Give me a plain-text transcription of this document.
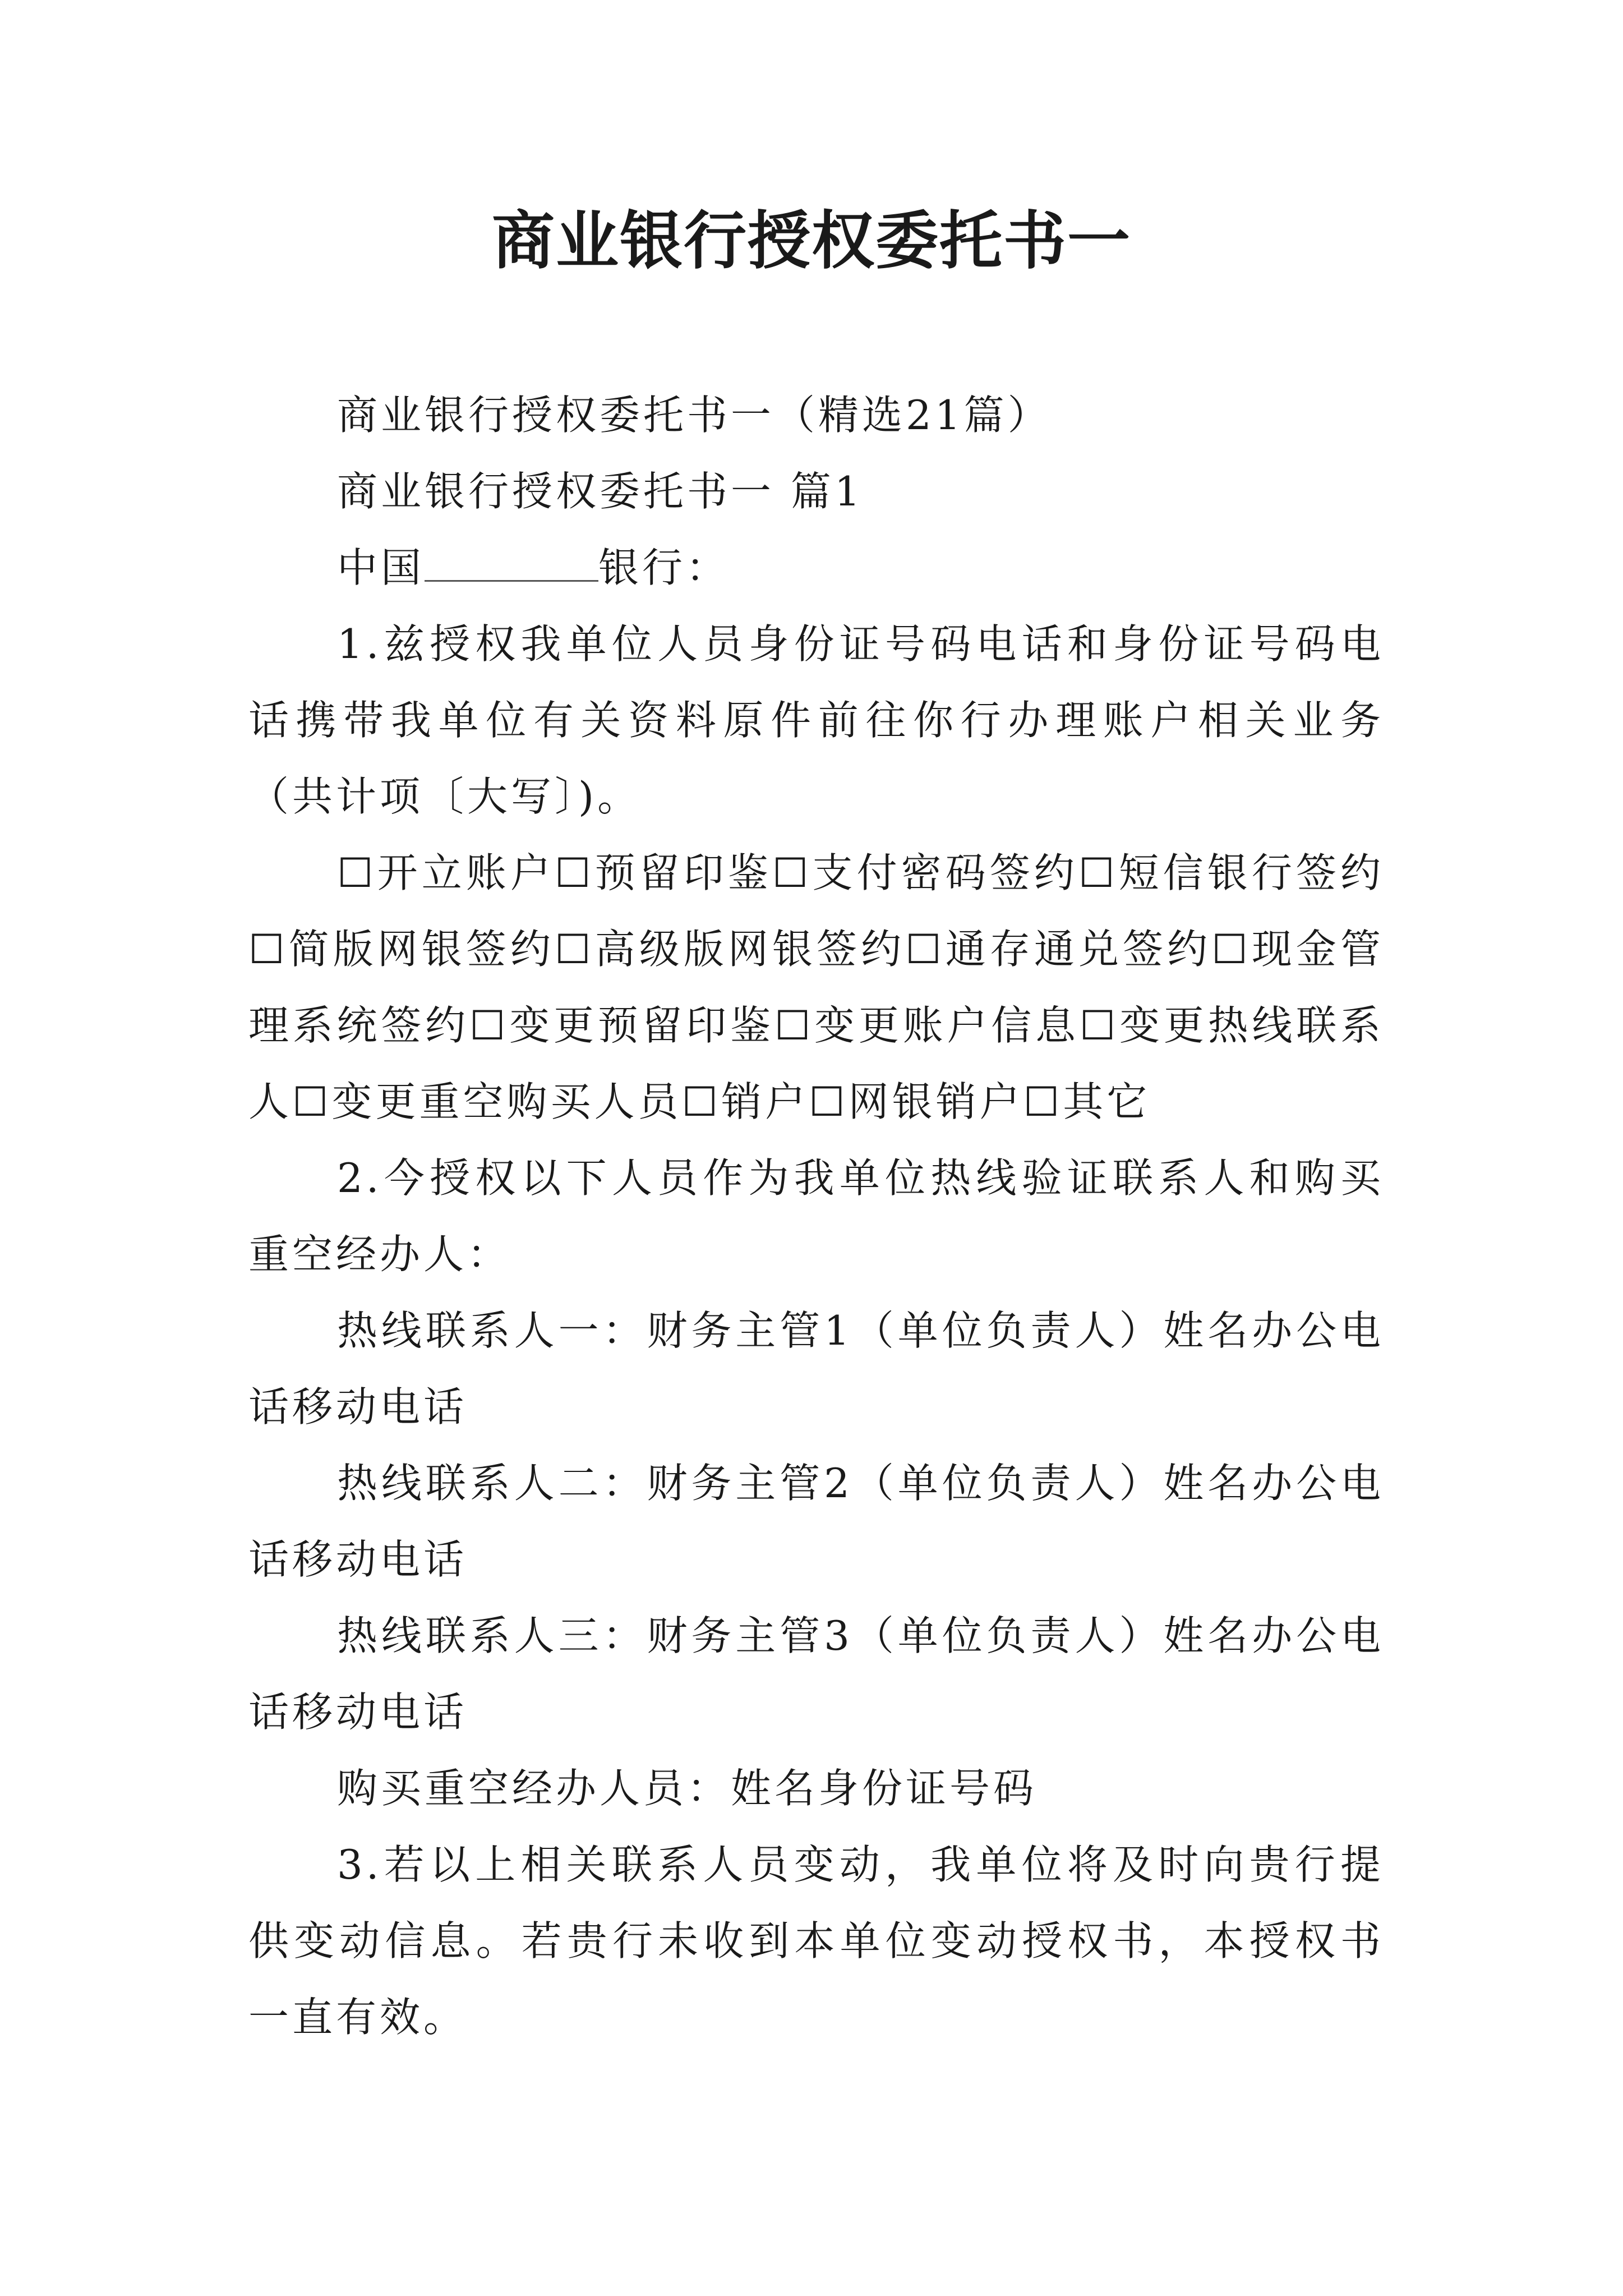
商业银行授权委托书一

商业银行授权委托书一（精选21篇）

商业银行授权委托书一 篇1

中国	银行：

1.兹授权我单位人员身份证号码电话和身份证号码电话携带我单位有关资料原件前往你行办理账户相关业务（共计项〔大写〕)。

☐开立账户☐预留印鉴☐支付密码签约☐短信银行签约☐简版网银签约☐高级版网银签约☐通存通兑签约☐现金管理系统签约☐变更预留印鉴☐变更账户信息☐变更热线联系人☐变更重空购买人员☐销户☐网银销户☐其它

2.今授权以下人员作为我单位热线验证联系人和购买重空经办人：

热线联系人一：财务主管1（单位负责人）姓名办公电话移动电话

热线联系人二：财务主管2（单位负责人）姓名办公电话移动电话

热线联系人三：财务主管3（单位负责人）姓名办公电话移动电话

购买重空经办人员：姓名身份证号码

3.若以上相关联系人员变动，我单位将及时向贵行提供变动信息。若贵行未收到本单位变动授权书，本授权书一直有效。
